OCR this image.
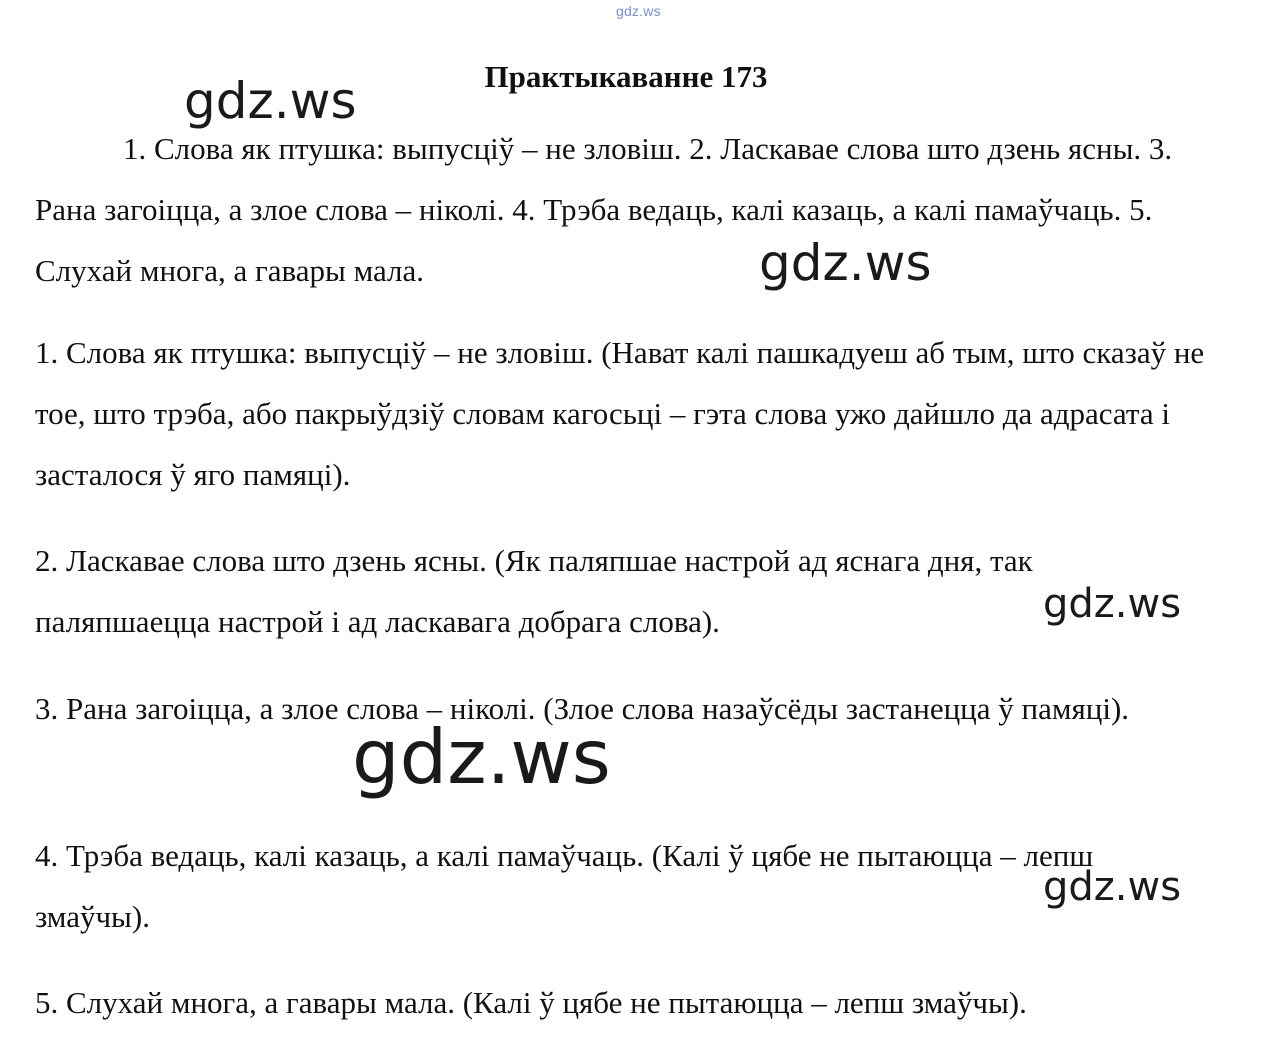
gdz.ws
Практыкаванне 173

1. Слова як птушка: выпусціў – не зловіш. 2. Ласкавае слова што дзень ясны. 3. Рана загоіцца, а злое слова – ніколі. 4. Трэба ведаць, калі казаць, а калі памаўчаць. 5. Слухай многа, а гавары мала.

1. Слова як птушка: выпусціў – не зловіш. (Нават калі пашкадуеш аб тым, што сказаў не тое, што трэба, або пакрыўдзіў словам кагосьці – гэта слова ужо дайшло да адрасата і засталося ў яго памяці).

2. Ласкавае слова што дзень ясны. (Як паляпшае настрой ад яснага дня, так паляпшаецца настрой і ад ласкавага добрага слова).

3. Рана загоіцца, а злое слова – ніколі. (Злое слова назаўсёды застанецца ў памяці).

4. Трэба ведаць, калі казаць, а калі памаўчаць. (Калі ў цябе не пытаюцца – лепш змаўчы).

5. Слухай многа, а гавары мала. (Калі ў цябе не пытаюцца – лепш змаўчы).

gdz.ws
gdz.ws
gdz.ws
gdz.ws
gdz.ws
